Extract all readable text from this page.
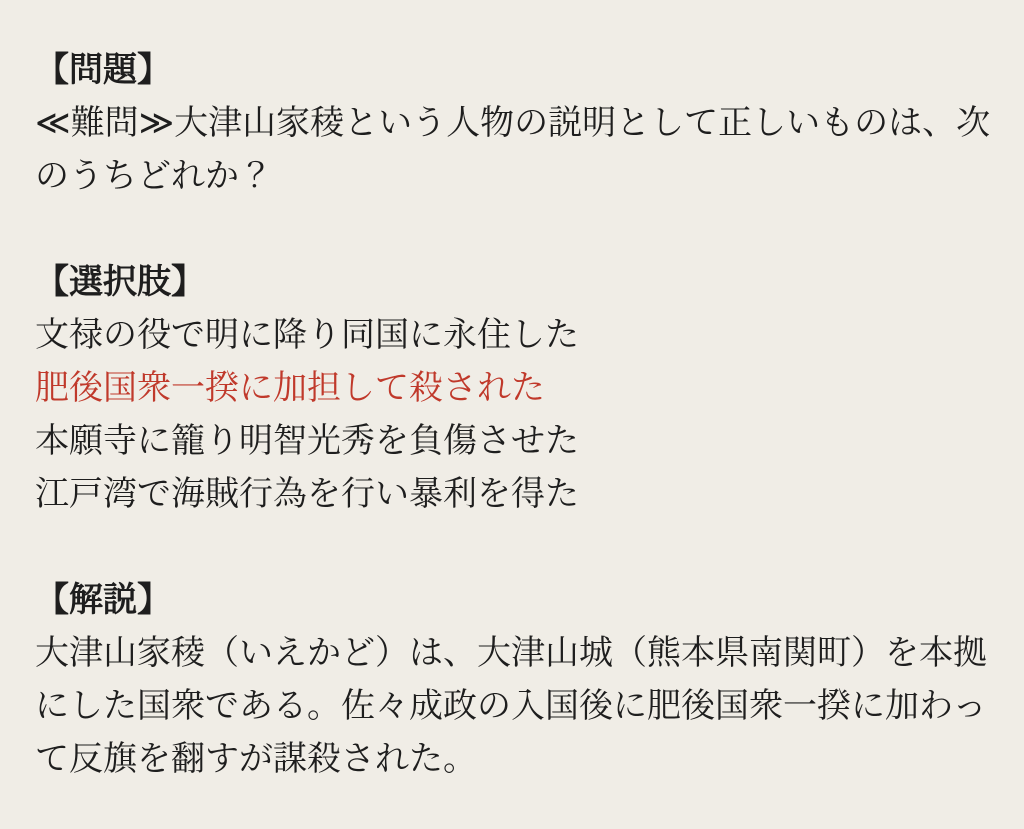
【問題】
≪難問≫大津山家稜という人物の説明として正しいものは、次
のうちどれか？
【選択肢】
文禄の役で明に降り同国に永住した
肥後国衆一揆に加担して殺された
本願寺に籠り明智光秀を負傷させた
江戸湾で海賊行為を行い暴利を得た
【解説】
大津山家稜（いえかど）は、大津山城（熊本県南関町）を本拠
にした国衆である。佐々成政の入国後に肥後国衆一揆に加わっ
て反旗を翻すが謀殺された。
